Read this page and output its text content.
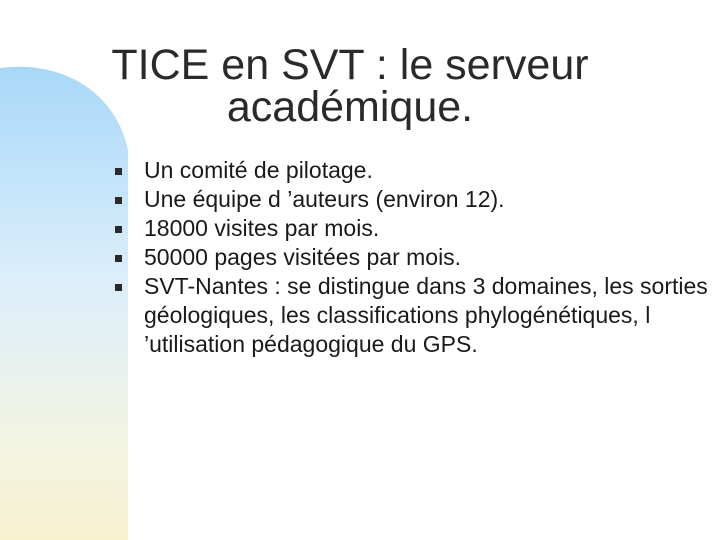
TICE en SVT : le serveur
académique.
Un comité de pilotage.
Une équipe d ’auteurs (environ 12).
18000 visites par mois.
50000 pages visitées par mois.
SVT-Nantes : se distingue dans 3 domaines, les sorties géologiques, les classifications phylogénétiques, l ’utilisation pédagogique du GPS.
